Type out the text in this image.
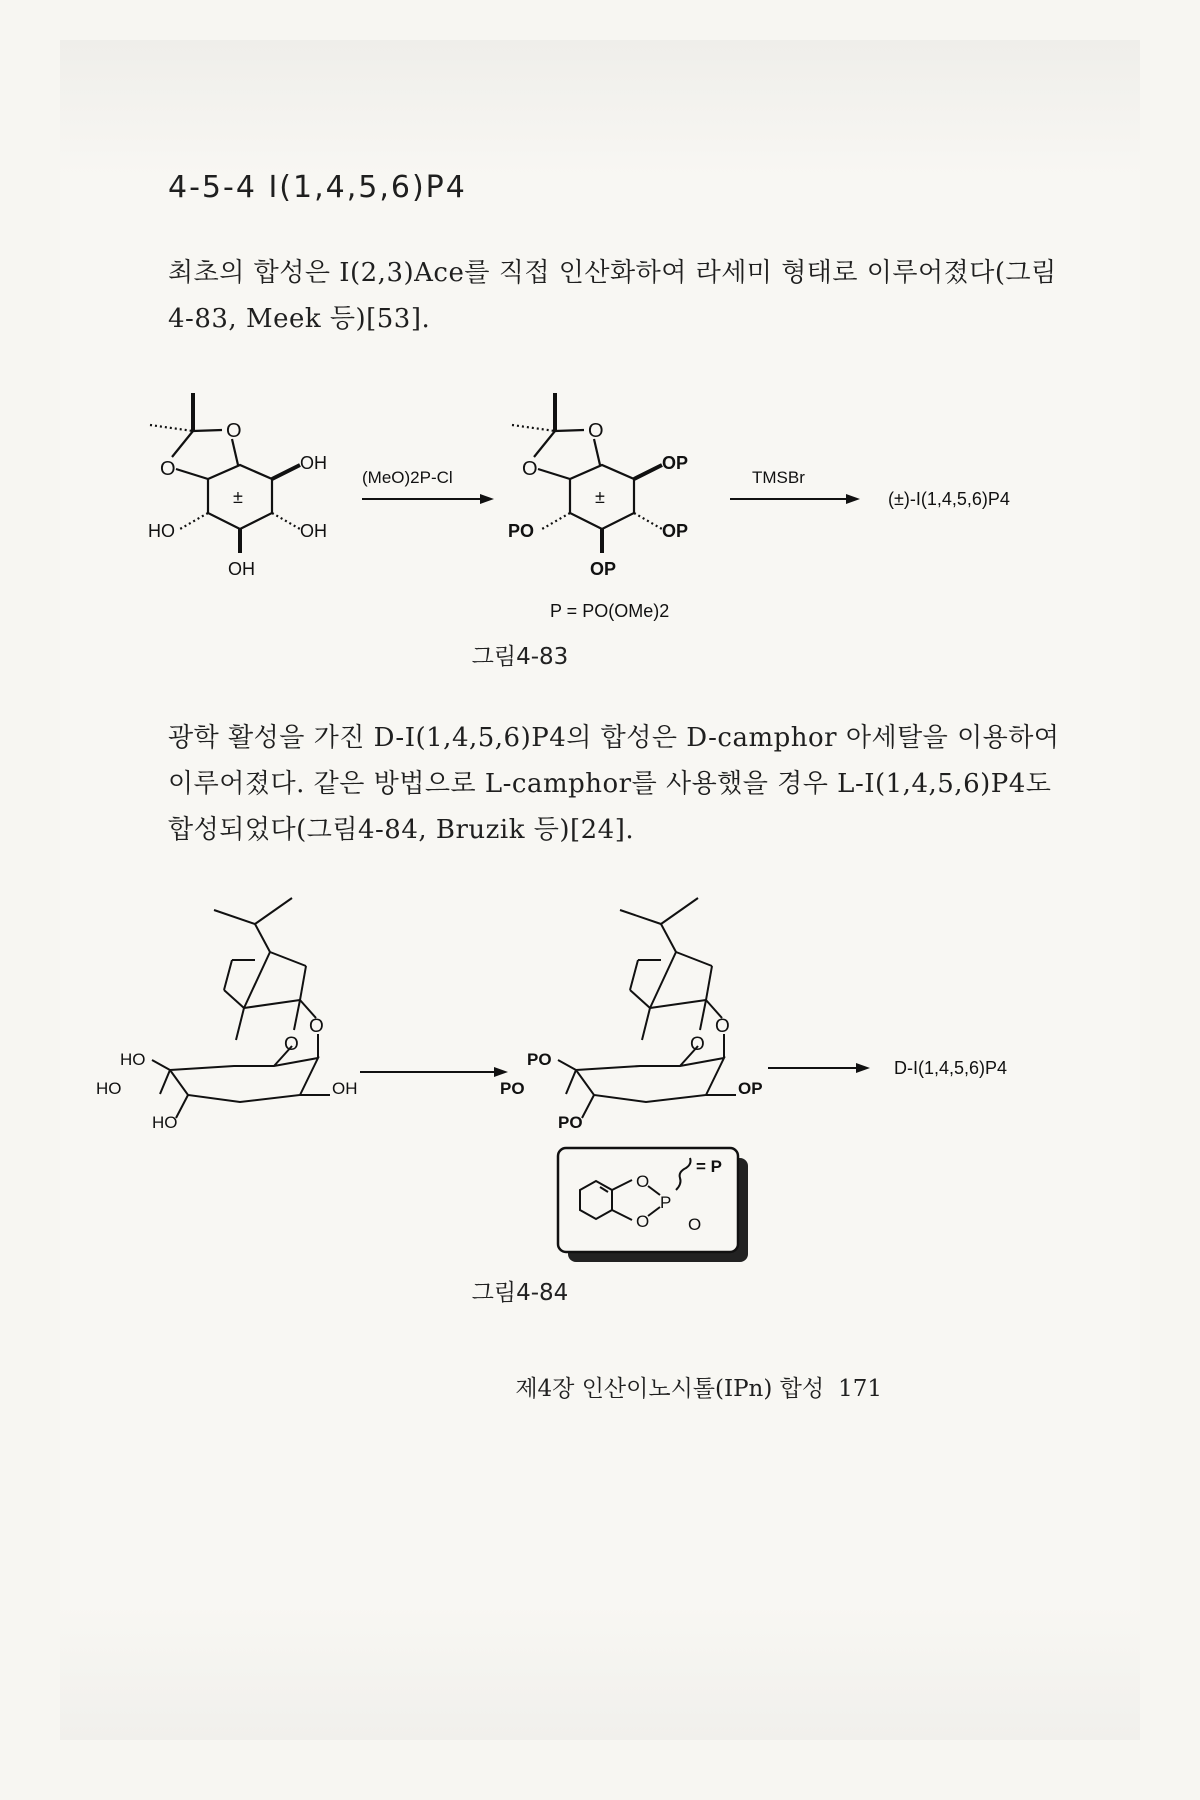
4-5-4 I(1,4,5,6)P4

최초의 합성은 I(2,3)Ace를 직접 인산화하여 라세미 형태로 이루어졌다(그림4-83, Meek 등)[53].

O
O	OH
HO	OH
OH
±
(MeO)2P-Cl
O
O	OP
PO	OP
OP
±
TMSBr
(±)-I(1,4,5,6)P4
P = PO(OMe)2
그림4-83

광학 활성을 가진 D-I(1,4,5,6)P4의 합성은 D-camphor 아세탈을 이용하여 이루어졌다. 같은 방법으로 L-camphor를 사용했을 경우 L-I(1,4,5,6)P4도 합성되었다(그림4-84, Bruzik 등)[24].

O
O
HO
HO	OH
HO
O
O
PO
PO	OP
PO
D-I(1,4,5,6)P4
O
O
P
O
= P
그림4-84
제4장 인산이노시톨(IPn) 합성 171
